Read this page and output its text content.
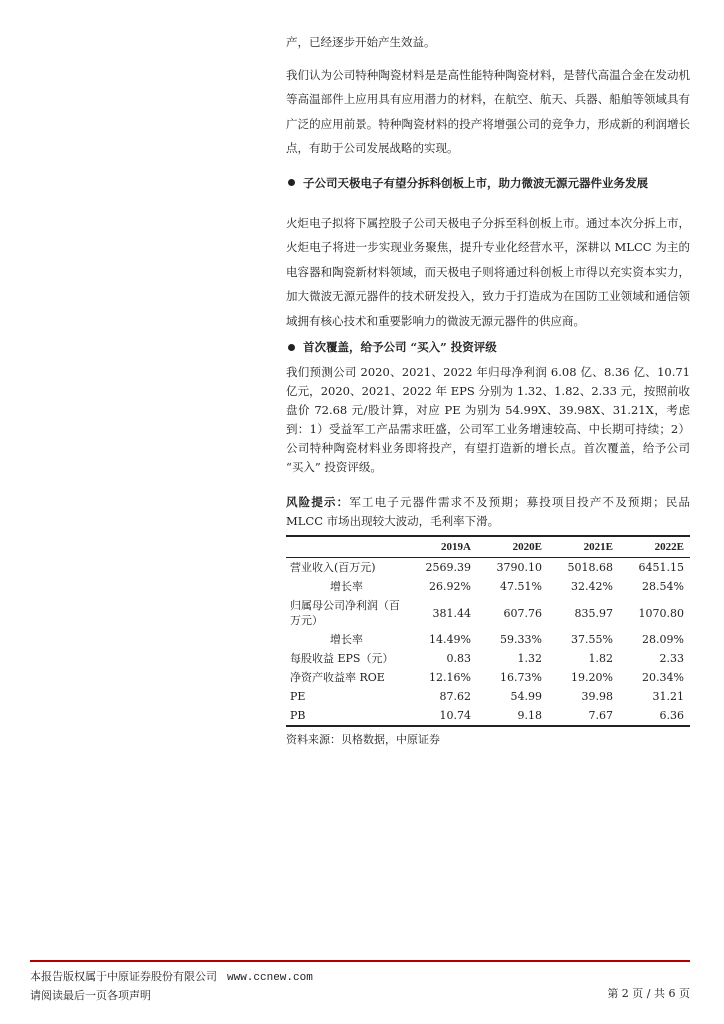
产，已经逐步开始产生效益。

我们认为公司特种陶瓷材料是是高性能特种陶瓷材料，是替代高温合金在发动机等高温部件上应用具有应用潜力的材料，在航空、航天、兵器、船舶等领域具有广泛的应用前景。特种陶瓷材料的投产将增强公司的竞争力，形成新的利润增长点，有助于公司发展战略的实现。

子公司天极电子有望分拆科创板上市，助力微波无源元器件业务发展

火炬电子拟将下属控股子公司天极电子分拆至科创板上市。通过本次分拆上市，火炬电子将进一步实现业务聚焦，提升专业化经营水平，深耕以 MLCC 为主的电容器和陶瓷新材料领域，而天极电子则将通过科创板上市得以充实资本实力，加大微波无源元器件的技术研发投入，致力于打造成为在国防工业领域和通信领域拥有核心技术和重要影响力的微波无源元器件的供应商。

首次覆盖，给予公司 “买入” 投资评级

我们预测公司 2020、2021、2022 年归母净利润 6.08 亿、8.36 亿、10.71 亿元，2020、2021、2022 年 EPS 分别为 1.32、1.82、2.33 元，按照前收盘价 72.68 元/股计算，对应 PE 为别为 54.99X、39.98X、31.21X，考虑到：1）受益军工产品需求旺盛，公司军工业务增速较高、中长期可持续；2）公司特种陶瓷材料业务即将投产，有望打造新的增长点。首次覆盖，给予公司 “买入” 投资评级。

风险提示：军工电子元器件需求不及预期；募投项目投产不及预期；民品 MLCC 市场出现较大波动，毛利率下滑。

	2019A	2020E	2021E	2022E
营业收入(百万元)	2569.39	3790.10	5018.68	6451.15
增长率	26.92%	47.51%	32.42%	28.54%
归属母公司净利润（百万元）	381.44	607.76	835.97	1070.80
增长率	14.49%	59.33%	37.55%	28.09%
每股收益 EPS（元）	0.83	1.32	1.82	2.33
净资产收益率 ROE	12.16%	16.73%	19.20%	20.34%
PE	87.62	54.99	39.98	31.21
PB	10.74	9.18	7.67	6.36
资料来源：贝格数据，中原证券
本报告版权属于中原证券股份有限公司 www.ccnew.com
请阅读最后一页各项声明	第 2 页 / 共 6 页
